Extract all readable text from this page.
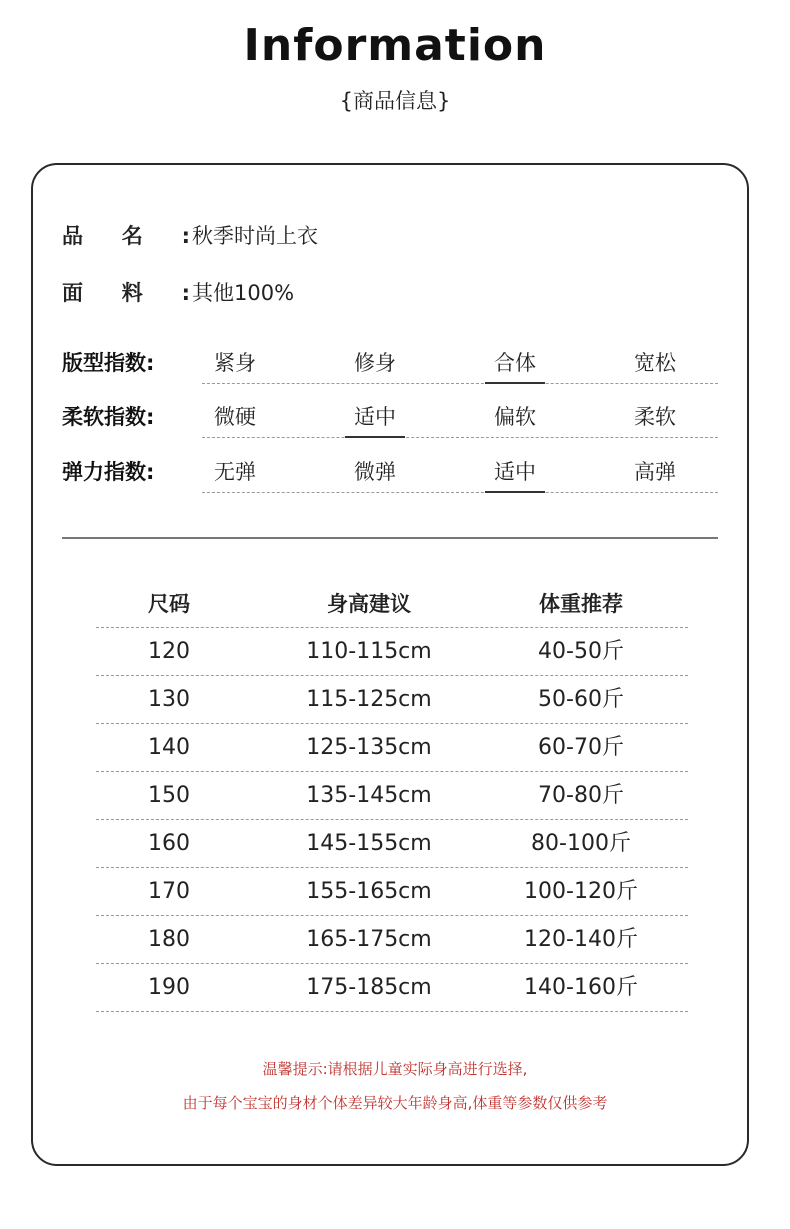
Information
{商品信息}
品名:秋季时尚上衣
面料:其他100%
版型指数:	紧身	修身	合体	宽松
柔软指数:	微硬	适中	偏软	柔软
弹力指数:	无弹	微弹	适中	高弹
尺码	身高建议	体重推荐
120	110-115cm	40-50斤
130	115-125cm	50-60斤
140	125-135cm	60-70斤
150	135-145cm	70-80斤
160	145-155cm	80-100斤
170	155-165cm	100-120斤
180	165-175cm	120-140斤
190	175-185cm	140-160斤
温馨提示:请根据儿童实际身高进行选择,
由于每个宝宝的身材个体差异较大年龄身高,体重等参数仅供参考
